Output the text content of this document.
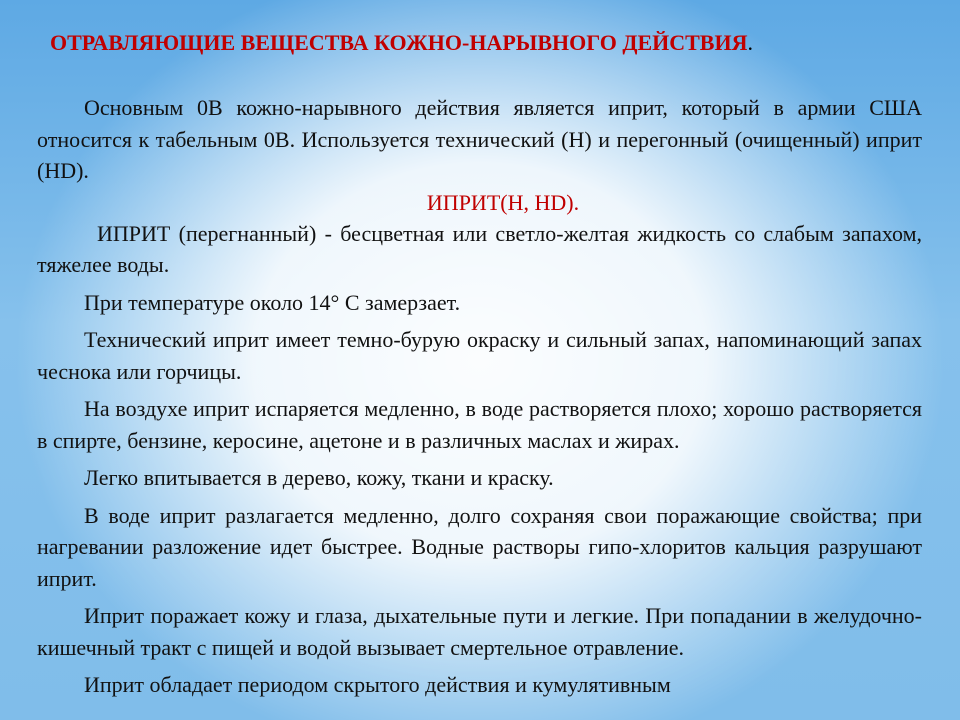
ОТРАВЛЯЮЩИЕ ВЕЩЕСТВА КОЖНО-НАРЫВНОГО ДЕЙСТВИЯ.

Основным 0В кожно-нарывного действия является иприт, который в армии США относится к табельным 0В. Используется технический (Н) и перегонный (очищенный) иприт (HD).

ИПРИТ(Н, HD).

ИПРИТ (перегнанный) - бесцветная или светло-желтая жидкость со слабым запахом, тяжелее воды.

При температуре около 14° С замерзает.

Технический иприт имеет темно-бурую окраску и сильный запах, напоминающий запах чеснока или горчицы.

На воздухе иприт испаряется медленно, в воде растворяется плохо; хорошо растворяется в спирте, бензине, керосине, ацетоне и в различных маслах и жирах.

Легко впитывается в дерево, кожу, ткани и краску.

В воде иприт разлагается медленно, долго сохраняя свои поражающие свойства; при нагревании разложение идет быстрее. Водные растворы гипо-хлоритов кальция разрушают иприт.

Иприт поражает кожу и глаза, дыхательные пути и легкие. При попадании в желудочно-кишечный тракт с пищей и водой вызывает смертельное отравление.

Иприт обладает периодом скрытого действия и кумулятивным
